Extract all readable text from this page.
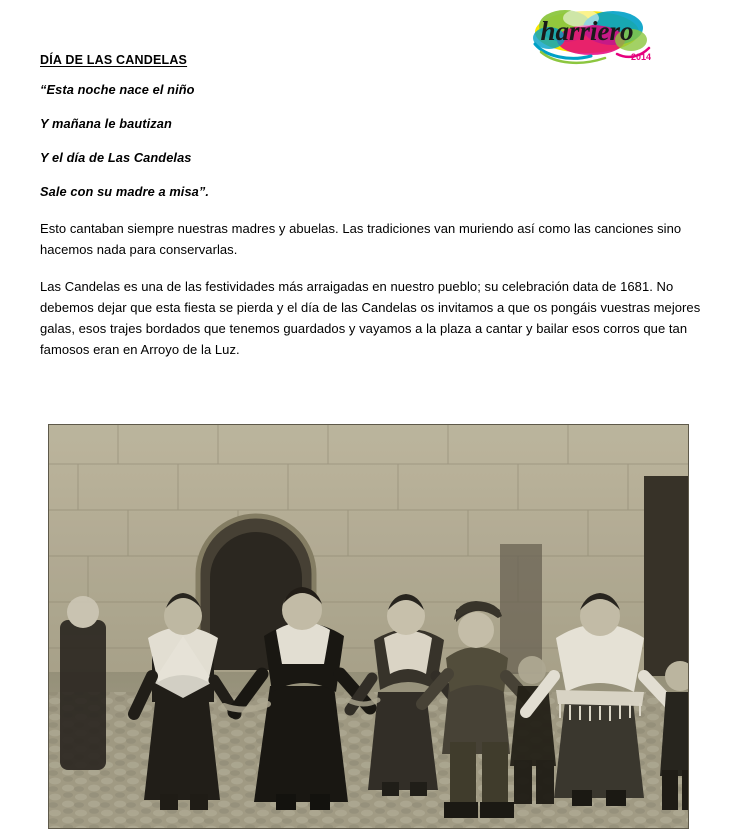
harriero
2014
DÍA DE LAS CANDELAS

“Esta noche nace el niño

Y mañana le bautizan

Y el día de Las Candelas

Sale con su madre a misa”.

Esto cantaban siempre nuestras madres y abuelas. Las tradiciones van muriendo así como las canciones sino hacemos nada para conservarlas.

Las Candelas es una de las festividades más arraigadas en nuestro pueblo; su celebración data de 1681. No debemos dejar que esta fiesta se pierda y el día de las Candelas os invitamos a que os pongáis vuestras mejores galas, esos trajes bordados que tenemos guardados y vayamos a la plaza a cantar y bailar esos corros que tan famosos eran en Arroyo de la Luz.
